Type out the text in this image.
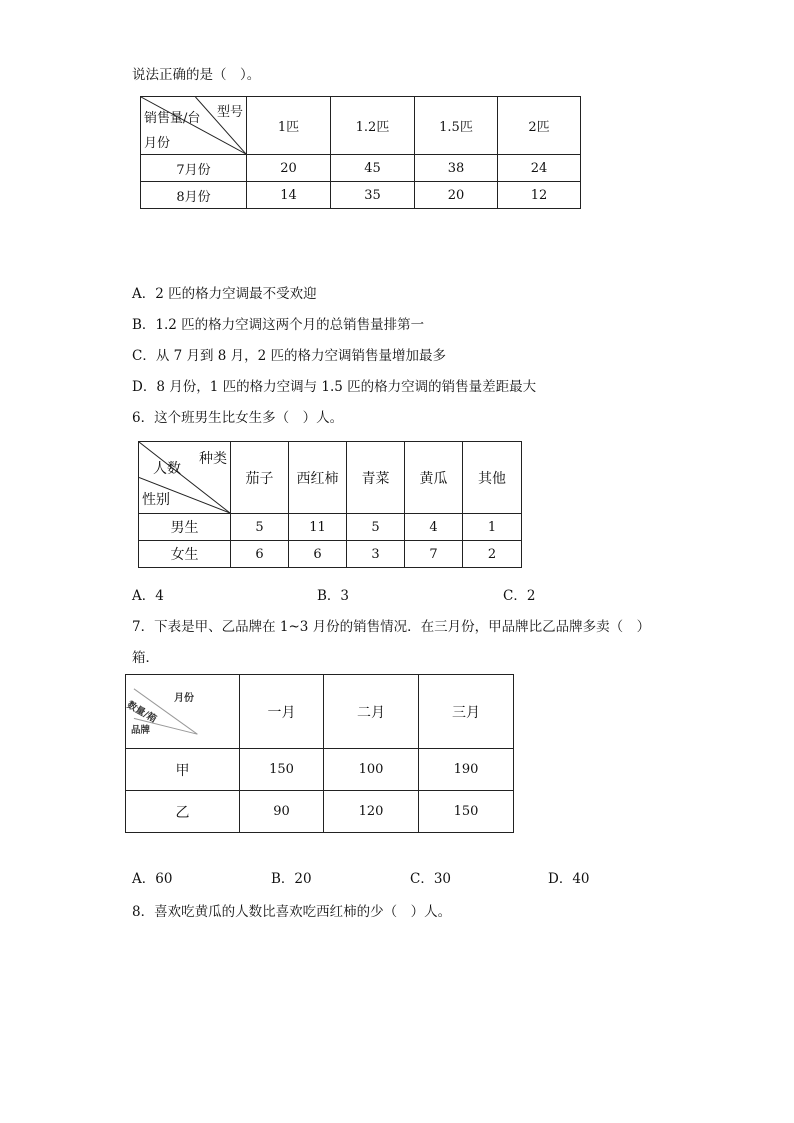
说法正确的是（　）。
型号
销售量/台
月份	1匹	1.2匹	1.5匹	2匹
7月份	20	45	38	24
8月份	14	35	20	12
A．2 匹的格力空调最不受欢迎
B．1.2 匹的格力空调这两个月的总销售量排第一
C．从 7 月到 8 月，2 匹的格力空调销售量增加最多
D．8 月份，1 匹的格力空调与 1.5 匹的格力空调的销售量差距最大
6．这个班男生比女生多（　）人。
种类
人数
性别	茄子	西红柿	青菜	黄瓜	其他
男生	5	11	5	4	1
女生	6	6	3	7	2
A．4	B．3	C．2
7．下表是甲、乙品牌在 1~3 月份的销售情况．在三月份，甲品牌比乙品牌多卖（　）
箱．
月份
数量/箱
品牌	一月	二月	三月
甲	150	100	190
乙	90	120	150
A．60	B．20	C．30	D．40
8．喜欢吃黄瓜的人数比喜欢吃西红柿的少（　）人。
